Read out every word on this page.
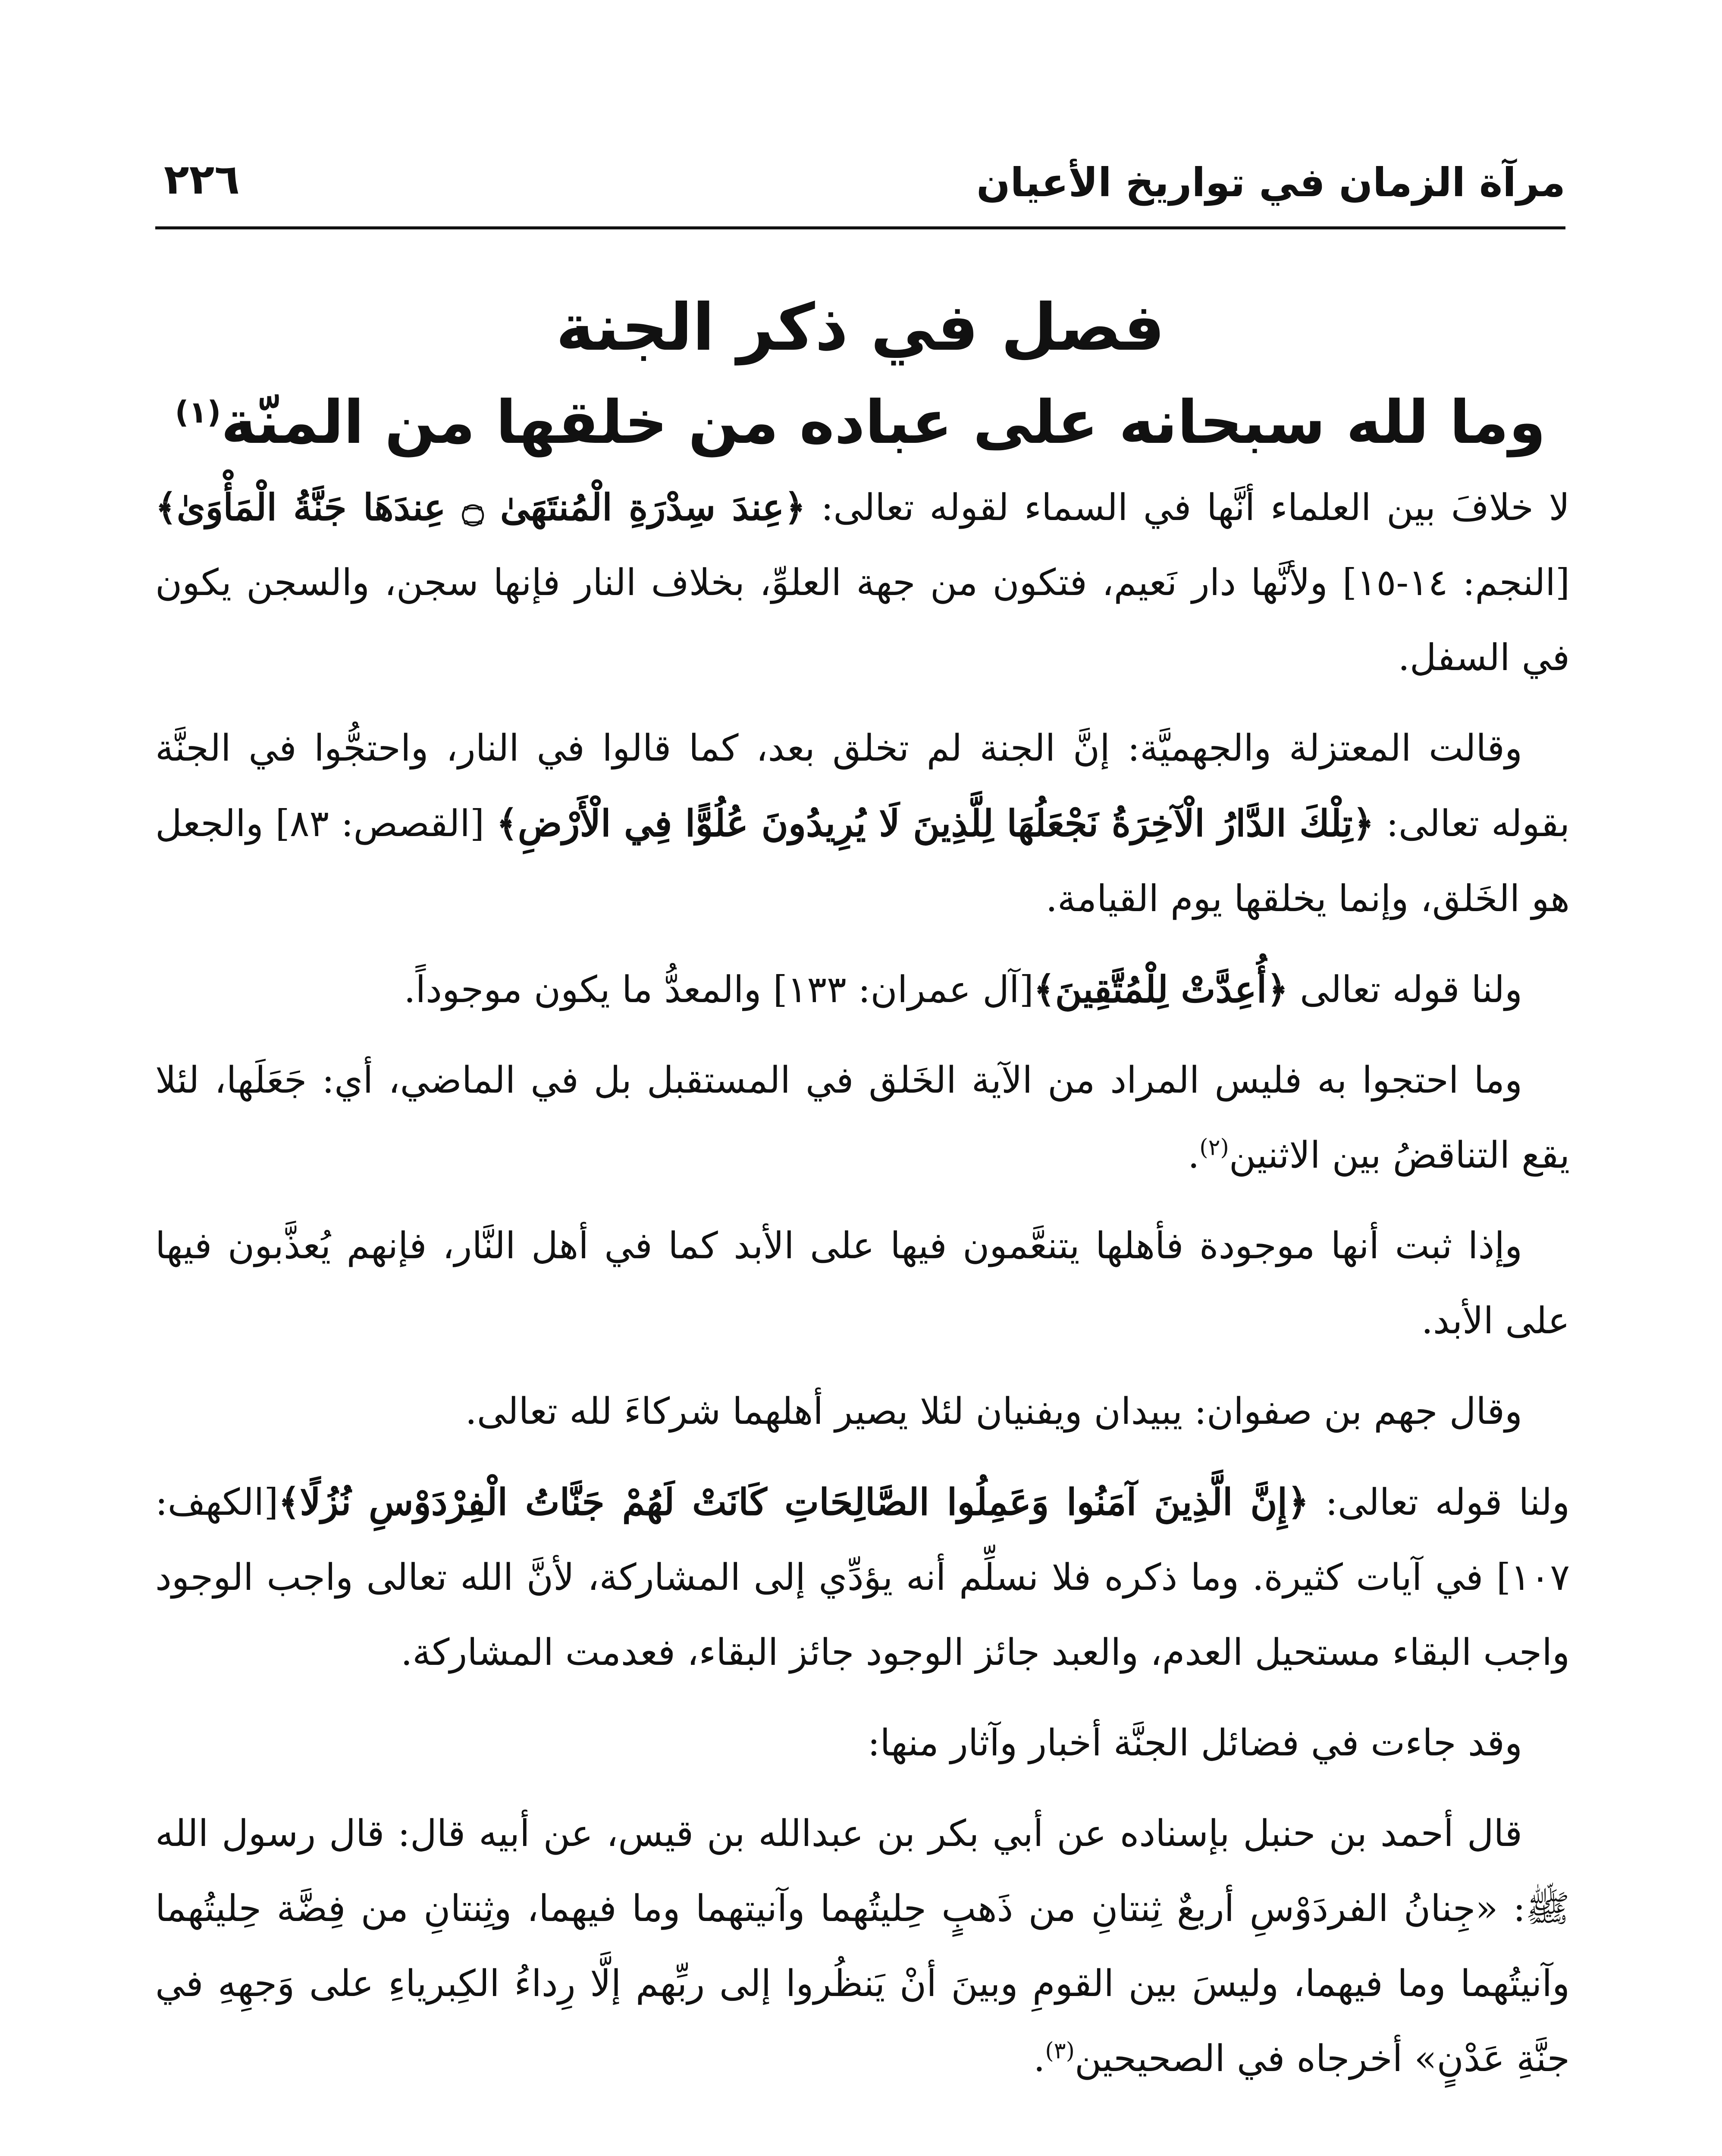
مرآة الزمان في تواريخ الأعيان
٢٢٦
فصل في ذكر الجنة
وما لله سبحانه على عباده من خلقها من المنّة$^{(١)}$

لا خلافَ بين العلماء أنَّها في السماء لقوله تعالى: ﴿عِندَ سِدْرَةِ الْمُنتَهَىٰ ۝ عِندَهَا جَنَّةُ الْمَأْوَىٰ﴾ [النجم: ١٤-١٥] ولأنَّها دار نَعيم، فتكون من جهة العلوِّ، بخلاف النار فإنها سجن، والسجن يكون في السفل.

وقالت المعتزلة والجهميَّة: إنَّ الجنة لم تخلق بعد، كما قالوا في النار، واحتجُّوا في الجنَّة بقوله تعالى: ﴿تِلْكَ الدَّارُ الْآخِرَةُ نَجْعَلُهَا لِلَّذِينَ لَا يُرِيدُونَ عُلُوًّا فِي الْأَرْضِ﴾ [القصص: ٨٣] والجعل هو الخَلق، وإنما يخلقها يوم القيامة.

ولنا قوله تعالى ﴿أُعِدَّتْ لِلْمُتَّقِينَ﴾[آل عمران: ١٣٣] والمعدُّ ما يكون موجوداً.

وما احتجوا به فليس المراد من الآية الخَلق في المستقبل بل في الماضي، أي: جَعَلَها، لئلا يقع التناقضُ بين الاثنين$^{(٢)}$.

وإذا ثبت أنها موجودة فأهلها يتنعَّمون فيها على الأبد كما في أهل النَّار، فإنهم يُعذَّبون فيها على الأبد.

وقال جهم بن صفوان: يبيدان ويفنيان لئلا يصير أهلهما شركاءَ لله تعالى.

ولنا قوله تعالى: ﴿إِنَّ الَّذِينَ آمَنُوا وَعَمِلُوا الصَّالِحَاتِ كَانَتْ لَهُمْ جَنَّاتُ الْفِرْدَوْسِ نُزُلًا﴾[الكهف: ١٠٧] في آيات كثيرة. وما ذكره فلا نسلِّم أنه يؤدِّي إلى المشاركة، لأنَّ الله تعالى واجب الوجود واجب البقاء مستحيل العدم، والعبد جائز الوجود جائز البقاء، فعدمت المشاركة.

وقد جاءت في فضائل الجنَّة أخبار وآثار منها:

قال أحمد بن حنبل بإسناده عن أبي بكر بن عبدالله بن قيس، عن أبيه قال: قال رسول الله ﷺ: «جِنانُ الفردَوْسِ أربعٌ ثِنتانِ من ذَهبٍ حِليتُهما وآنيتهما وما فيهما، وثِنتانِ من فِضَّة حِليتُهما وآنيتُهما وما فيهما، وليسَ بين القومِ وبينَ أنْ يَنظُروا إلى ربِّهم إلَّا رِداءُ الكِبرياءِ على وَجهِهِ في جنَّةِ عَدْنٍ» أخرجاه في الصحيحين$^{(٣)}$.
